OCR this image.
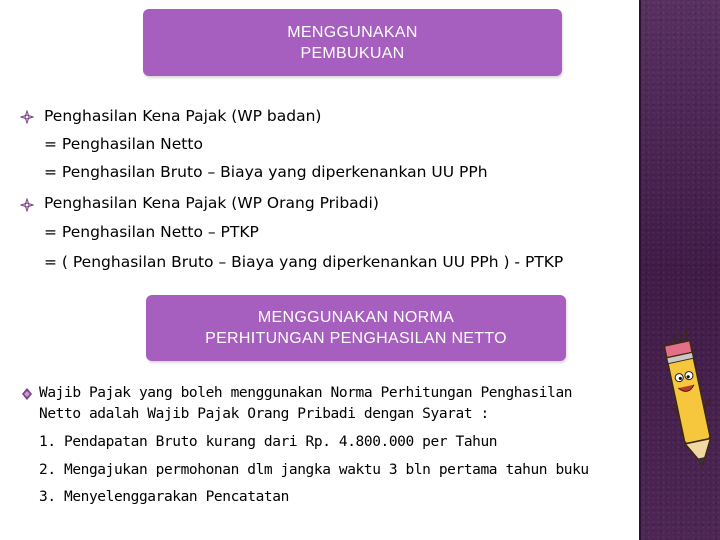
MENGGUNAKAN
PEMBUKUAN
Penghasilan Kena Pajak (WP badan)
= Penghasilan Netto
= Penghasilan Bruto – Biaya yang diperkenankan UU PPh
Penghasilan Kena Pajak (WP Orang Pribadi)
= Penghasilan Netto – PTKP
= ( Penghasilan Bruto – Biaya yang diperkenankan UU PPh ) - PTKP
MENGGUNAKAN NORMA
PERHITUNGAN PENGHASILAN NETTO
Wajib Pajak yang boleh menggunakan Norma Perhitungan Penghasilan
Netto adalah Wajib Pajak Orang Pribadi dengan Syarat :
1. Pendapatan Bruto kurang dari Rp. 4.800.000 per Tahun
2. Mengajukan permohonan dlm jangka waktu 3 bln pertama tahun buku
3. Menyelenggarakan Pencatatan
